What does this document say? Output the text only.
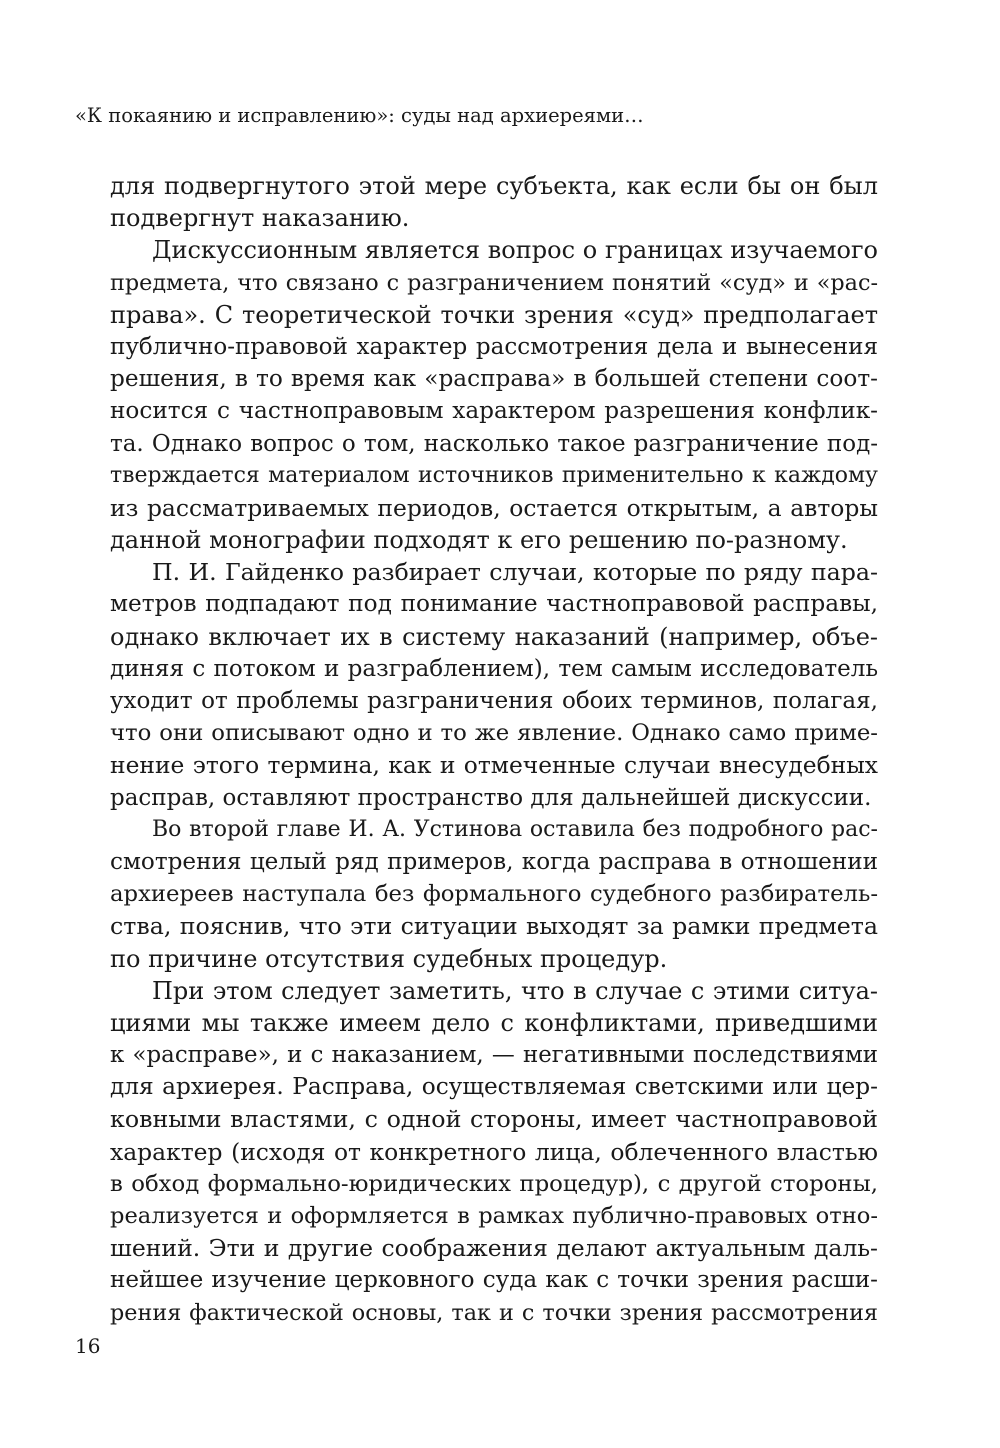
«К покаянию и исправлению»: суды над архиереями…
для подвергнутого этой мере субъекта, как если бы он был
подвергнут наказанию.
Дискуссионным является вопрос о границах изучаемого
предмета, что связано с разграничением понятий «суд» и «рас-
права». С теоретической точки зрения «суд» предполагает
публично-правовой характер рассмотрения дела и вынесения
решения, в то время как «расправа» в большей степени соот-
носится с частноправовым характером разрешения конфлик-
та. Однако вопрос о том, насколько такое разграничение под-
тверждается материалом источников применительно к каждому
из рассматриваемых периодов, остается открытым, а авторы
данной монографии подходят к его решению по-разному.
П. И. Гайденко разбирает случаи, которые по ряду пара-
метров подпадают под понимание частноправовой расправы,
однако включает их в систему наказаний (например, объе-
диняя с потоком и разграблением), тем самым исследователь
уходит от проблемы разграничения обоих терминов, полагая,
что они описывают одно и то же явление. Однако само приме-
нение этого термина, как и отмеченные случаи внесудебных
расправ, оставляют пространство для дальнейшей дискуссии.
Во второй главе И. А. Устинова оставила без подробного рас-
смотрения целый ряд примеров, когда расправа в отношении
архиереев наступала без формального судебного разбиратель-
ства, пояснив, что эти ситуации выходят за рамки предмета
по причине отсутствия судебных процедур.
При этом следует заметить, что в случае с этими ситуа-
циями мы также имеем дело с конфликтами, приведшими
к «расправе», и с наказанием, — негативными последствиями
для архиерея. Расправа, осуществляемая светскими или цер-
ковными властями, с одной стороны, имеет частноправовой
характер (исходя от конкретного лица, облеченного властью
в обход формально-юридических процедур), с другой стороны,
реализуется и оформляется в рамках публично-правовых отно-
шений. Эти и другие соображения делают актуальным даль-
нейшее изучение церковного суда как с точки зрения расши-
рения фактической основы, так и с точки зрения рассмотрения
16
